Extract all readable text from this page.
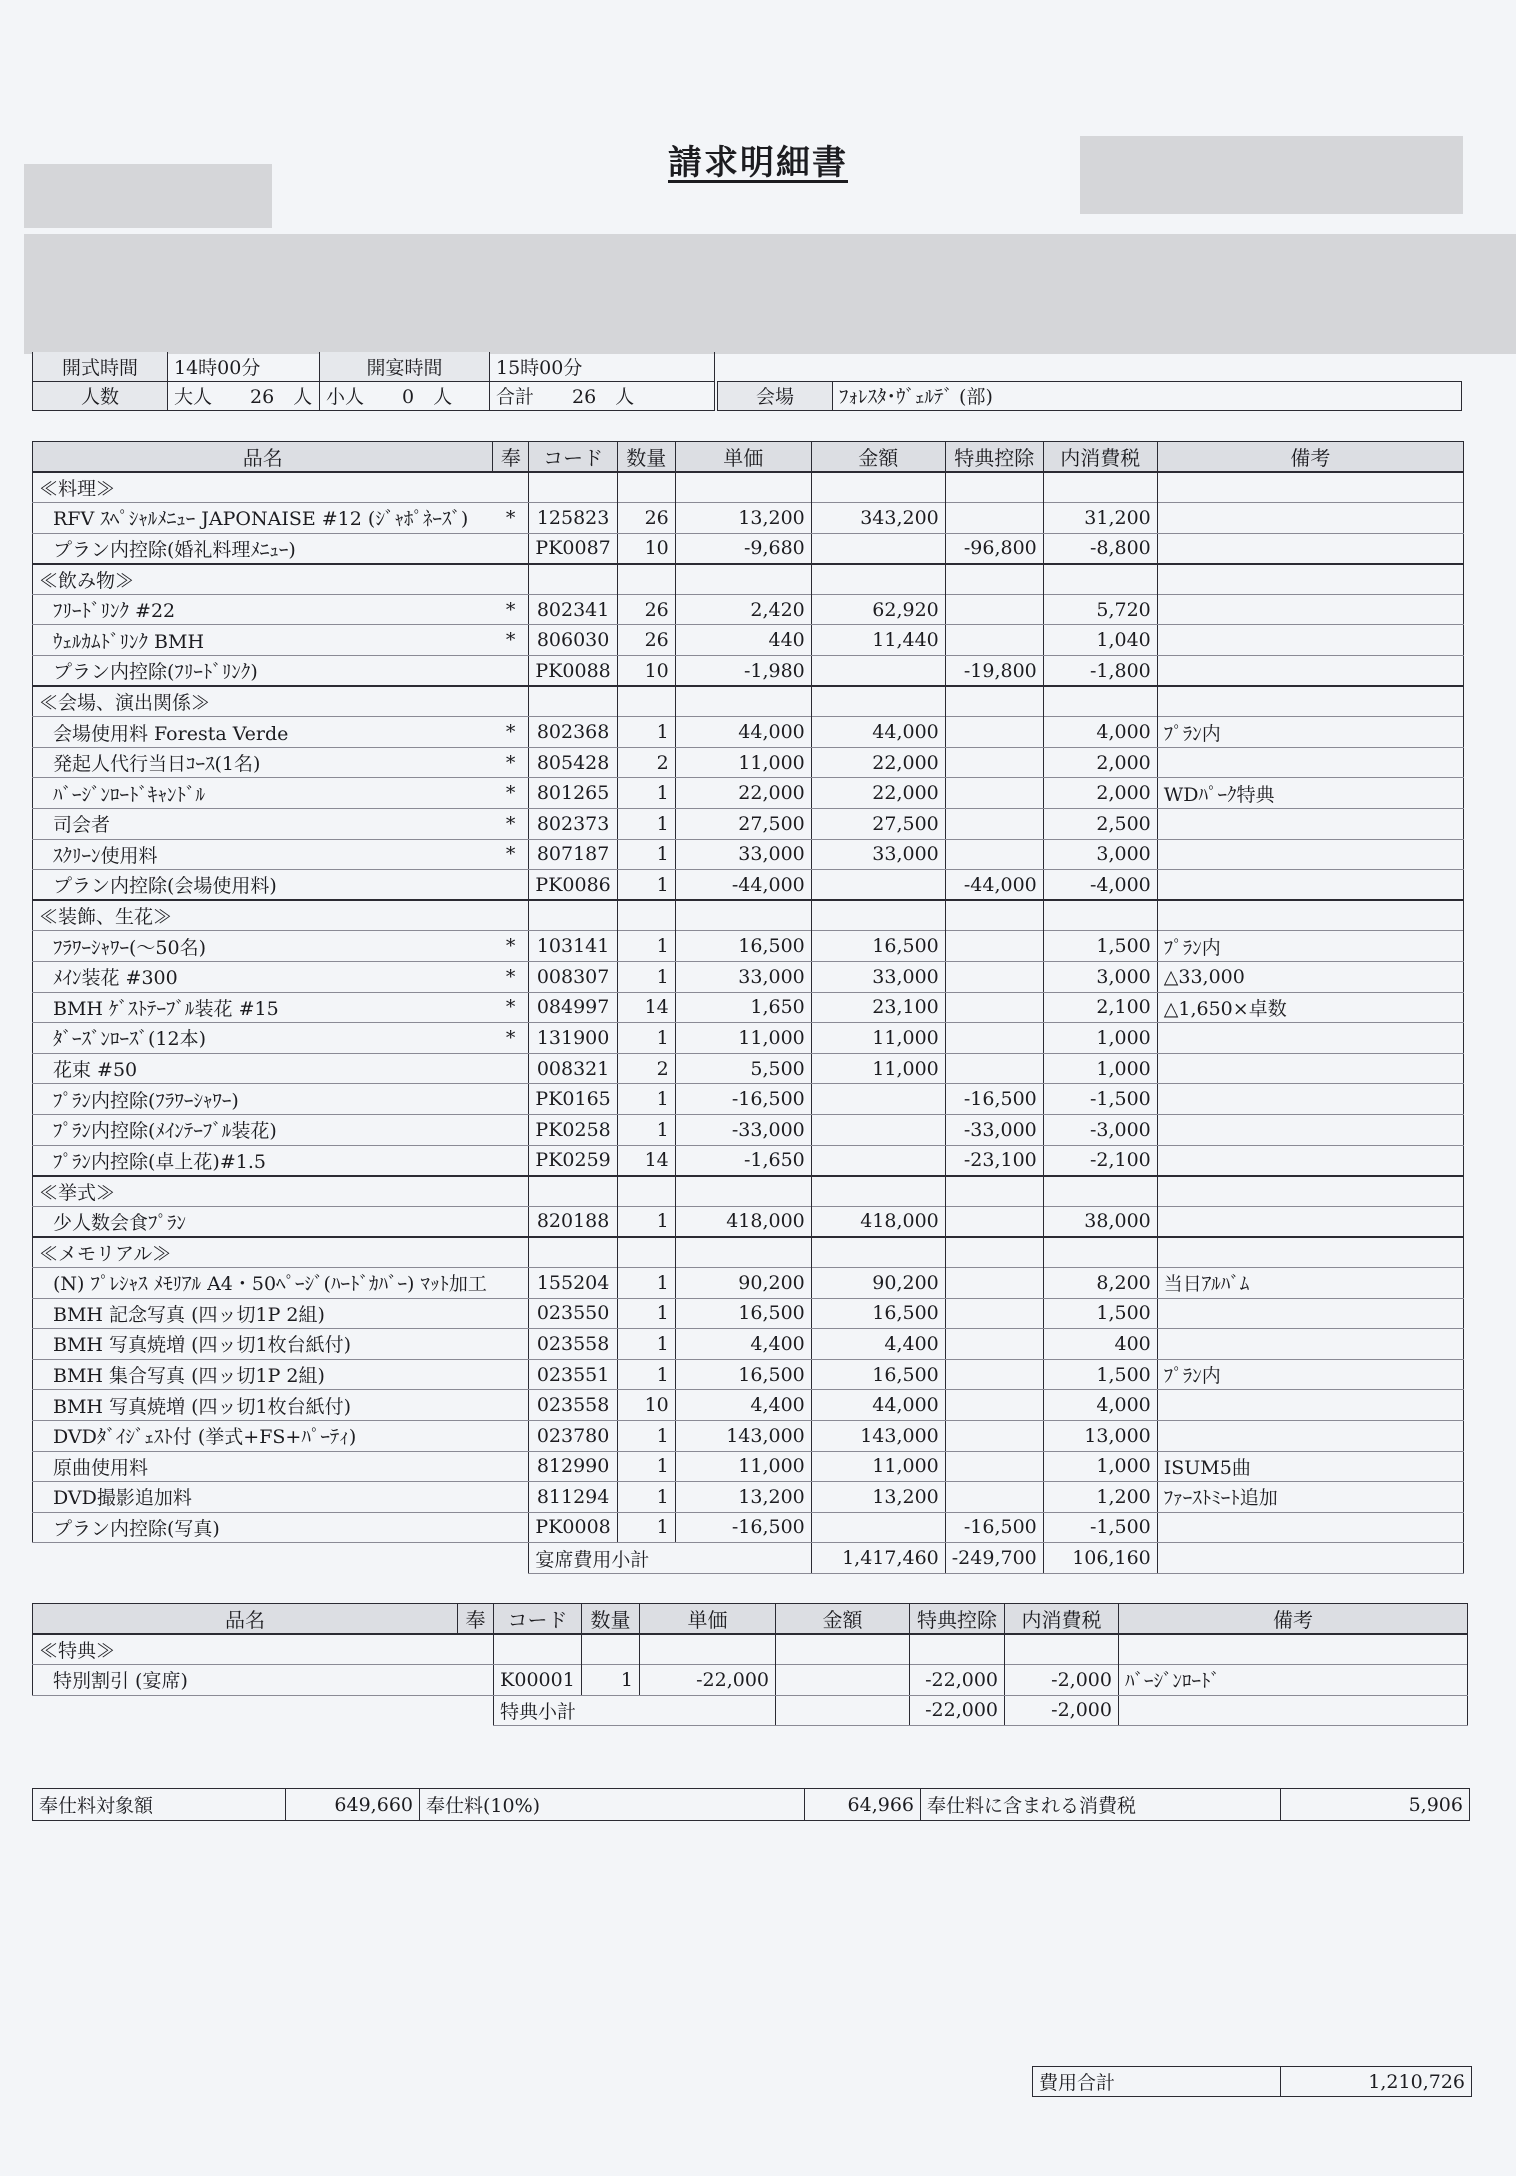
請求明細書
開式時間	14時00分	開宴時間	15時00分			
人数	大人　　26　人	小人　　0　人	合計　　26　人		会場	ﾌｫﾚｽﾀ･ｳﾞｪﾙﾃﾞ (部)
品名	奉	コード	数量	単価	金額	特典控除	内消費税	備考
≪料理≫								
RFV ｽﾍﾟｼｬﾙﾒﾆｭｰ JAPONAISE #12 (ｼﾞｬﾎﾟﾈｰｽﾞ)	*	125823	26	13,200	343,200		31,200	
プラン内控除(婚礼料理ﾒﾆｭｰ)		PK0087	10	-9,680		-96,800	-8,800	
≪飲み物≫								
ﾌﾘｰﾄﾞﾘﾝｸ #22	*	802341	26	2,420	62,920		5,720	
ｳｪﾙｶﾑﾄﾞﾘﾝｸ BMH	*	806030	26	440	11,440		1,040	
プラン内控除(ﾌﾘｰﾄﾞﾘﾝｸ)		PK0088	10	-1,980		-19,800	-1,800	
≪会場、演出関係≫								
会場使用料 Foresta Verde	*	802368	1	44,000	44,000		4,000	ﾌﾟﾗﾝ内
発起人代行当日ｺｰｽ(1名)	*	805428	2	11,000	22,000		2,000	
ﾊﾞｰｼﾞﾝﾛｰﾄﾞｷｬﾝﾄﾞﾙ	*	801265	1	22,000	22,000		2,000	WDﾊﾟｰｸ特典
司会者	*	802373	1	27,500	27,500		2,500	
ｽｸﾘｰﾝ使用料	*	807187	1	33,000	33,000		3,000	
プラン内控除(会場使用料)		PK0086	1	-44,000		-44,000	-4,000	
≪装飾、生花≫								
ﾌﾗﾜｰｼｬﾜｰ(～50名)	*	103141	1	16,500	16,500		1,500	ﾌﾟﾗﾝ内
ﾒｲﾝ装花 #300	*	008307	1	33,000	33,000		3,000	△33,000
BMH ｹﾞｽﾄﾃｰﾌﾞﾙ装花 #15	*	084997	14	1,650	23,100		2,100	△1,650×卓数
ﾀﾞｰｽﾞﾝﾛｰｽﾞ(12本)	*	131900	1	11,000	11,000		1,000	
花束 #50		008321	2	5,500	11,000		1,000	
ﾌﾟﾗﾝ内控除(ﾌﾗﾜｰｼｬﾜｰ)		PK0165	1	-16,500		-16,500	-1,500	
ﾌﾟﾗﾝ内控除(ﾒｲﾝﾃｰﾌﾞﾙ装花)		PK0258	1	-33,000		-33,000	-3,000	
ﾌﾟﾗﾝ内控除(卓上花)#1.5		PK0259	14	-1,650		-23,100	-2,100	
≪挙式≫								
少人数会食ﾌﾟﾗﾝ		820188	1	418,000	418,000		38,000	
≪メモリアル≫								
(N) ﾌﾟﾚｼｬｽ ﾒﾓﾘｱﾙ A4・50ﾍﾟｰｼﾞ(ﾊｰﾄﾞｶﾊﾞｰ) ﾏｯﾄ加工		155204	1	90,200	90,200		8,200	当日ｱﾙﾊﾞﾑ
BMH 記念写真 (四ッ切1P 2組)		023550	1	16,500	16,500		1,500	
BMH 写真焼増 (四ッ切1枚台紙付)		023558	1	4,400	4,400		400	
BMH 集合写真 (四ッ切1P 2組)		023551	1	16,500	16,500		1,500	ﾌﾟﾗﾝ内
BMH 写真焼増 (四ッ切1枚台紙付)		023558	10	4,400	44,000		4,000	
DVDﾀﾞｲｼﾞｪｽﾄ付 (挙式+FS+ﾊﾟｰﾃｨ)		023780	1	143,000	143,000		13,000	
原曲使用料		812990	1	11,000	11,000		1,000	ISUM5曲
DVD撮影追加料		811294	1	13,200	13,200		1,200	ﾌｧｰｽﾄﾐｰﾄ追加
プラン内控除(写真)		PK0008	1	-16,500		-16,500	-1,500	
		宴席費用小計			1,417,460	-249,700	106,160	
品名	奉	コード	数量	単価	金額	特典控除	内消費税	備考
≪特典≫								
特別割引 (宴席)		K00001	1	-22,000		-22,000	-2,000	ﾊﾞｰｼﾞﾝﾛｰﾄﾞ
		特典小計				-22,000	-2,000	
奉仕料対象額	649,660	奉仕料(10%)	64,966	奉仕料に含まれる消費税	5,906
費用合計	1,210,726
